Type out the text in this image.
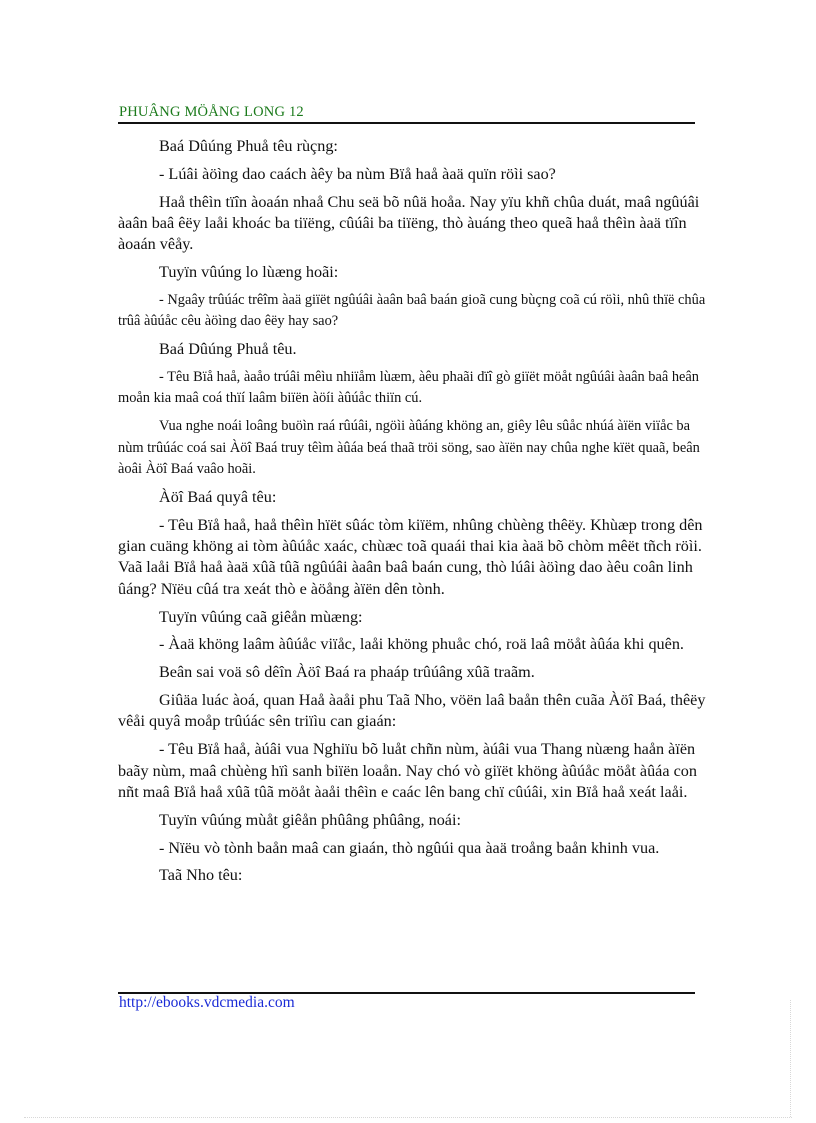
PHUÂNG MÖÅNG LONG 12

Baá Dûúng Phuå têu rùçng:

- Lúâi àöìng dao caách àêy ba nùm Bïå haå àaä quïn röìi sao?

Haå thêìn tïîn àoaán nhaå Chu seä bõ nûä hoåa. Nay yïu khñ chûa duát, maâ ngûúâi àaân baâ êëy laåi khoác ba tiïëng, cûúâi ba tiïëng, thò àuáng theo queã haå thêìn àaä tïîn àoaán vêåy.

Tuyïn vûúng lo lùæng hoãi:

- Ngaây trûúác trêîm àaä giïët ngûúâi àaân baâ baán gioã cung bùçng coã cú röìi, nhû thïë chûa trûâ àûúåc cêu àöìng dao êëy hay sao?

Baá Dûúng Phuå têu.

- Têu Bïå haå, àaåo trúâi mêìu nhiïåm lùæm, àêu phaãi dïî gò giïët möåt ngûúâi àaân baâ heân moån kia maâ coá thïí laâm biïën àöíi àûúåc thiïn cú.

Vua nghe noái loâng buöìn raá rûúâi, ngöìi àûáng khöng an, giêy lêu sûåc nhúá àïën viïåc ba nùm trûúác coá sai Àöî Baá truy têìm àûáa beá thaã tröi söng, sao àïën nay chûa nghe kïët quaã, beân àoâi Àöî Baá vaâo hoãi.

Àöî Baá quyâ têu:

- Têu Bïå haå, haå thêìn hïët sûác tòm kiïëm, nhûng chùèng thêëy. Khùæp trong dên gian cuäng khöng ai tòm àûúåc xaác, chùæc toã quaái thai kia àaä bõ chòm mêët tñch röìi. Vaã laåi Bïå haå àaä xûã tûã ngûúâi àaân baâ baán cung, thò lúâi àöìng dao àêu coân linh ûáng? Nïëu cûá tra xeát thò e àöång àïën dên tònh.

Tuyïn vûúng caã giêån mùæng:

- Àaä khöng laâm àûúåc viïåc, laåi khöng phuåc chó, roä laâ möåt àûáa khi quên.

Beân sai voä sô dêîn Àöî Baá ra phaáp trûúâng xûã traãm.

Giûäa luác àoá, quan Haå àaåi phu Taã Nho, vöën laâ baån thên cuãa Àöî Baá, thêëy vêåi quyâ moåp trûúác sên triïìu can giaán:

- Têu Bïå haå, àúâi vua Nghiïu bõ luåt chñn nùm, àúâi vua Thang nùæng haån àïën baãy nùm, maâ chùèng hïì sanh biïën loaån. Nay chó vò giïët khöng àûúåc möåt àûáa con nñt maâ Bïå haå xûã tûã möåt àaåi thêìn e caác lên bang chï cûúâi, xin Bïå haå xeát laåi.

Tuyïn vûúng mùåt giêån phûâng phûâng, noái:

- Nïëu vò tònh baån maâ can giaán, thò ngûúi qua àaä troång baån khinh vua.

Taã Nho têu:

http://ebooks.vdcmedia.com
